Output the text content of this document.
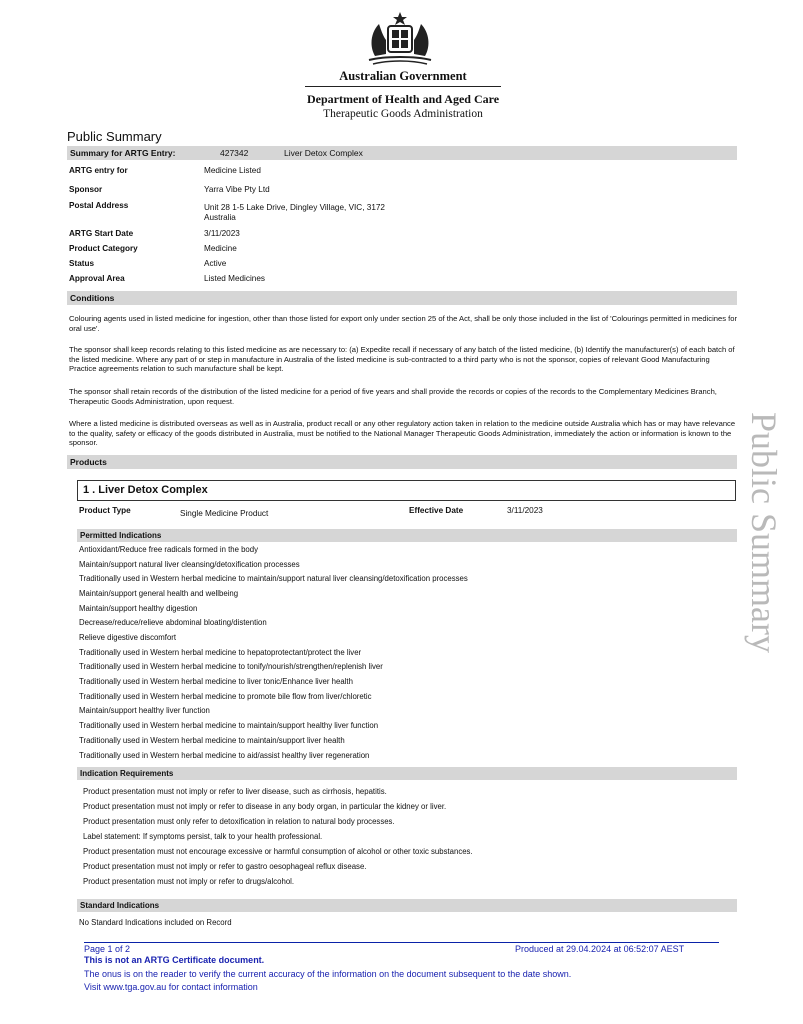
Australian Government
Department of Health and Aged Care
Therapeutic Goods Administration
Public Summary
Summary for ARTG Entry:	427342	Liver Detox Complex
ARTG entry for	Medicine Listed
Sponsor	Yarra Vibe Pty Ltd
Postal Address	Unit 28 1-5 Lake Drive, Dingley Village, VIC, 3172
Australia
ARTG Start Date	3/11/2023
Product Category	Medicine
Status	Active
Approval Area	Listed Medicines
Conditions
Colouring agents used in listed medicine for ingestion, other than those listed for export only under section 25 of the Act, shall be only those included in the list of 'Colourings permitted in medicines for oral use'.
The sponsor shall keep records relating to this listed medicine as are necessary to: (a) Expedite recall if necessary of any batch of the listed medicine, (b) Identify the manufacturer(s) of each batch of the listed medicine. Where any part of or step in manufacture in Australia of the listed medicine is sub-contracted to a third party who is not the sponsor, copies of relevant Good Manufacturing Practice agreements relation to such manufacture shall be kept.
The sponsor shall retain records of the distribution of the listed medicine for a period of five years and shall provide the records or copies of the records to the Complementary Medicines Branch, Therapeutic Goods Administration, upon request.
Where a listed medicine is distributed overseas as well as in Australia, product recall or any other regulatory action taken in relation to the medicine outside Australia which has or may have relevance to the quality, safety or efficacy of the goods distributed in Australia, must be notified to the National Manager Therapeutic Goods Administration, immediately the action or information is known to the sponsor.
Products
1 . Liver Detox Complex
Product Type	Single Medicine Product	Effective Date	3/11/2023
Permitted Indications
Antioxidant/Reduce free radicals formed in the body
Maintain/support natural liver cleansing/detoxification processes
Traditionally used in Western herbal medicine to maintain/support natural liver cleansing/detoxification processes
Maintain/support general health and wellbeing
Maintain/support healthy digestion
Decrease/reduce/relieve abdominal bloating/distention
Relieve digestive discomfort
Traditionally used in Western herbal medicine to hepatoprotectant/protect the liver
Traditionally used in Western herbal medicine to tonify/nourish/strengthen/replenish liver
Traditionally used in Western herbal medicine to liver tonic/Enhance liver health
Traditionally used in Western herbal medicine to promote bile flow from liver/chloretic
Maintain/support healthy liver function
Traditionally used in Western herbal medicine to maintain/support healthy liver function
Traditionally used in Western herbal medicine to maintain/support liver health
Traditionally used in Western herbal medicine to aid/assist healthy liver regeneration
Indication Requirements
Product presentation must not imply or refer to liver disease, such as cirrhosis, hepatitis.
Product presentation must not imply or refer to disease in any body organ, in particular the kidney or liver.
Product presentation must only refer to detoxification in relation to natural body processes.
Label statement: If symptoms persist, talk to your health professional.
Product presentation must not encourage excessive or harmful consumption of alcohol or other toxic substances.
Product presentation must not imply or refer to gastro oesophageal reflux disease.
Product presentation must not imply or refer to drugs/alcohol.
Standard Indications
No Standard Indications included on Record
Public Summary
Page 1 of 2	Produced at 29.04.2024 at 06:52:07 AEST
This is not an ARTG Certificate document.
The onus is on the reader to verify the current accuracy of the information on the document subsequent to the date shown.
Visit www.tga.gov.au for contact information
